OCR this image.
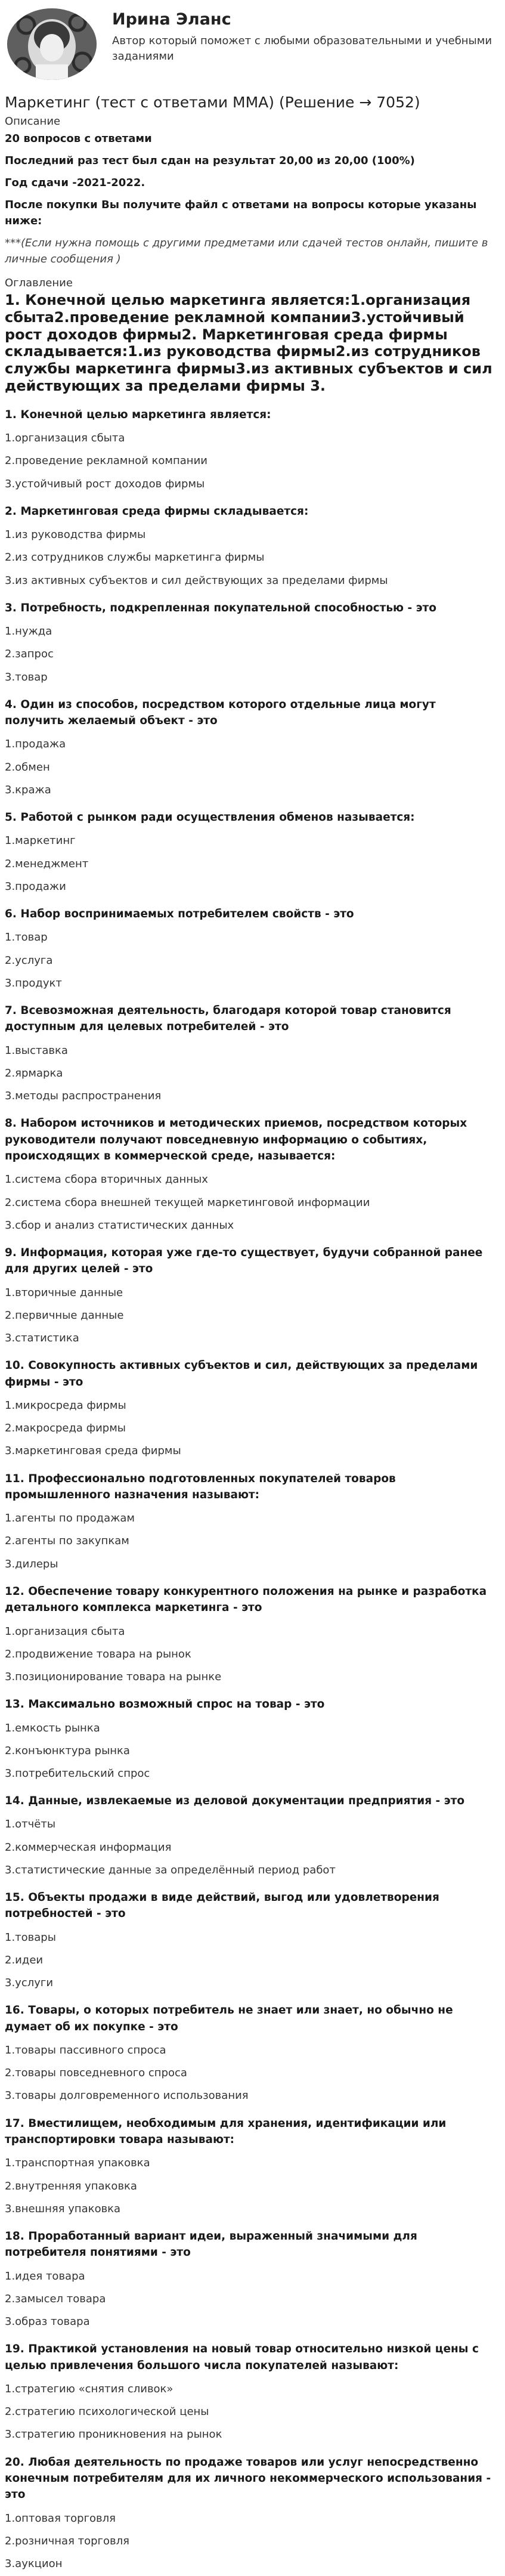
Ирина Эланс
Автор который поможет с любыми образовательными и учебными заданиями
Маркетинг (тест с ответами ММА) (Решение → 7052)
Описание
20 вопросов с ответами
Последний раз тест был сдан на результат 20,00 из 20,00 (100%)
Год сдачи -2021-2022.
После покупки Вы получите файл с ответами на вопросы которые указаны ниже:
***(Если нужна помощь с другими предметами или сдачей тестов онлайн, пишите в личные сообщения )
Оглавление
1. Конечной целью маркетинга является:1.организация сбыта2.проведение рекламной компании3.устойчивый рост доходов фирмы2. Маркетинговая среда фирмы складывается:1.из руководства фирмы2.из сотрудников службы маркетинга фирмы3.из активных субъектов и сил действующих за пределами фирмы 3.
1. Конечной целью маркетинга является:
1.организация сбыта
2.проведение рекламной компании
3.устойчивый рост доходов фирмы
2. Маркетинговая среда фирмы складывается:
1.из руководства фирмы
2.из сотрудников службы маркетинга фирмы
3.из активных субъектов и сил действующих за пределами фирмы
3. Потребность, подкрепленная покупательной способностью - это
1.нужда
2.запрос
3.товар
4. Один из способов, посредством которого отдельные лица могут получить желаемый объект - это
1.продажа
2.обмен
3.кража
5. Работой с рынком ради осуществления обменов называется:
1.маркетинг
2.менеджмент
3.продажи
6. Набор воспринимаемых потребителем свойств - это
1.товар
2.услуга
3.продукт
7. Всевозможная деятельность, благодаря которой товар становится доступным для целевых потребителей - это
1.выставка
2.ярмарка
3.методы распространения
8. Набором источников и методических приемов, посредством которых руководители получают повседневную информацию о событиях, происходящих в коммерческой среде, называется:
1.система сбора вторичных данных
2.система сбора внешней текущей маркетинговой информации
3.сбор и анализ статистических данных
9. Информация, которая уже где-то существует, будучи собранной ранее для других целей - это
1.вторичные данные
2.первичные данные
3.статистика
10. Совокупность активных субъектов и сил, действующих за пределами фирмы - это
1.микросреда фирмы
2.макросреда фирмы
3.маркетинговая среда фирмы
11. Профессионально подготовленных покупателей товаров промышленного назначения называют:
1.агенты по продажам
2.агенты по закупкам
3.дилеры
12. Обеспечение товару конкурентного положения на рынке и разработка детального комплекса маркетинга - это
1.организация сбыта
2.продвижение товара на рынок
3.позиционирование товара на рынке
13. Максимально возможный спрос на товар - это
1.емкость рынка
2.конъюнктура рынка
3.потребительский спрос
14. Данные, извлекаемые из деловой документации предприятия - это
1.отчёты
2.коммерческая информация
3.статистические данные за определённый период работ
15. Объекты продажи в виде действий, выгод или удовлетворения потребностей - это
1.товары
2.идеи
3.услуги
16. Товары, о которых потребитель не знает или знает, но обычно не думает об их покупке - это
1.товары пассивного спроса
2.товары повседневного спроса
3.товары долговременного использования
17. Вместилищем, необходимым для хранения, идентификации или транспортировки товара называют:
1.транспортная упаковка
2.внутренняя упаковка
3.внешняя упаковка
18. Проработанный вариант идеи, выраженный значимыми для потребителя понятиями - это
1.идея товара
2.замысел товара
3.образ товара
19. Практикой установления на новый товар относительно низкой цены с целью привлечения большого числа покупателей называют:
1.стратегию «снятия сливок»
2.стратегию психологической цены
3.стратегию проникновения на рынок
20. Любая деятельность по продаже товаров или услуг непосредственно конечным потребителям для их личного некоммерческого использования - это
1.оптовая торговля
2.розничная торговля
3.аукцион
